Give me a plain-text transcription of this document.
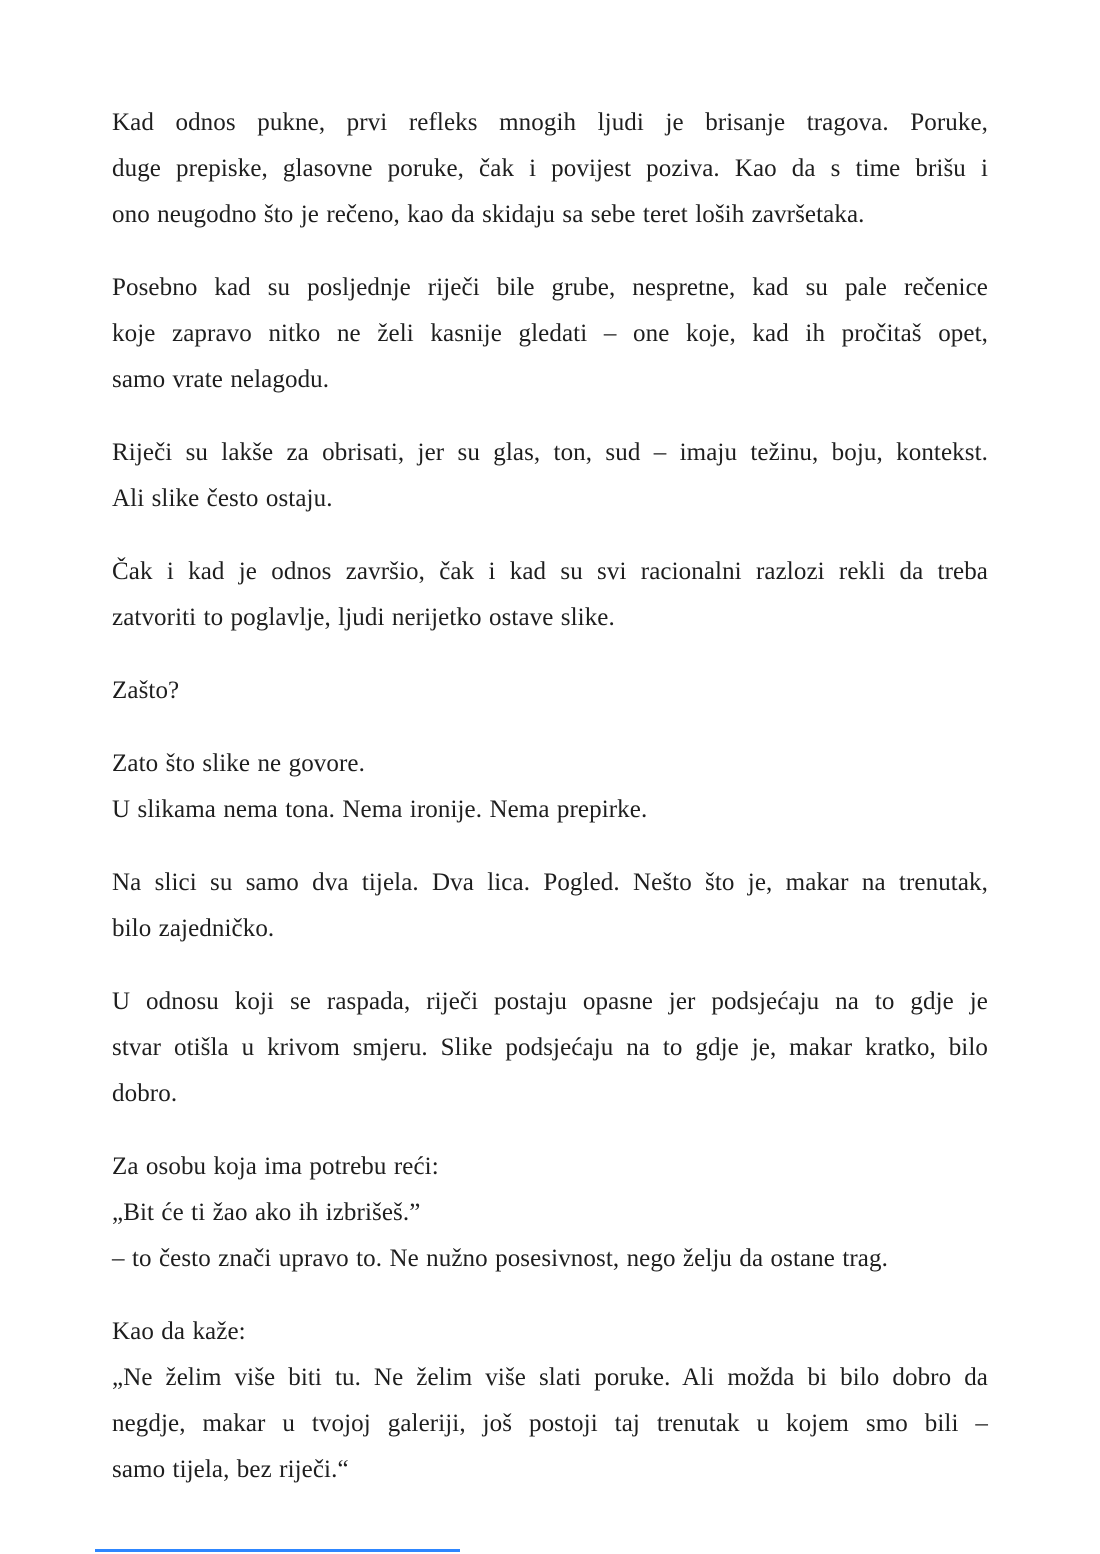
Kad odnos pukne, prvi refleks mnogih ljudi je brisanje tragova. Poruke,
duge prepiske, glasovne poruke, čak i povijest poziva. Kao da s time brišu i
ono neugodno što je rečeno, kao da skidaju sa sebe teret loših završetaka.
Posebno kad su posljednje riječi bile grube, nespretne, kad su pale rečenice
koje zapravo nitko ne želi kasnije gledati – one koje, kad ih pročitaš opet,
samo vrate nelagodu.
Riječi su lakše za obrisati, jer su glas, ton, sud – imaju težinu, boju, kontekst.
Ali slike često ostaju.
Čak i kad je odnos završio, čak i kad su svi racionalni razlozi rekli da treba
zatvoriti to poglavlje, ljudi nerijetko ostave slike.
Zašto?
Zato što slike ne govore.
U slikama nema tona. Nema ironije. Nema prepirke.
Na slici su samo dva tijela. Dva lica. Pogled. Nešto što je, makar na trenutak,
bilo zajedničko.
U odnosu koji se raspada, riječi postaju opasne jer podsjećaju na to gdje je
stvar otišla u krivom smjeru. Slike podsjećaju na to gdje je, makar kratko, bilo
dobro.
Za osobu koja ima potrebu reći:
„Bit će ti žao ako ih izbrišeš.”
– to često znači upravo to. Ne nužno posesivnost, nego želju da ostane trag.
Kao da kaže:
„Ne želim više biti tu. Ne želim više slati poruke. Ali možda bi bilo dobro da
negdje, makar u tvojoj galeriji, još postoji taj trenutak u kojem smo bili –
samo tijela, bez riječi.“
